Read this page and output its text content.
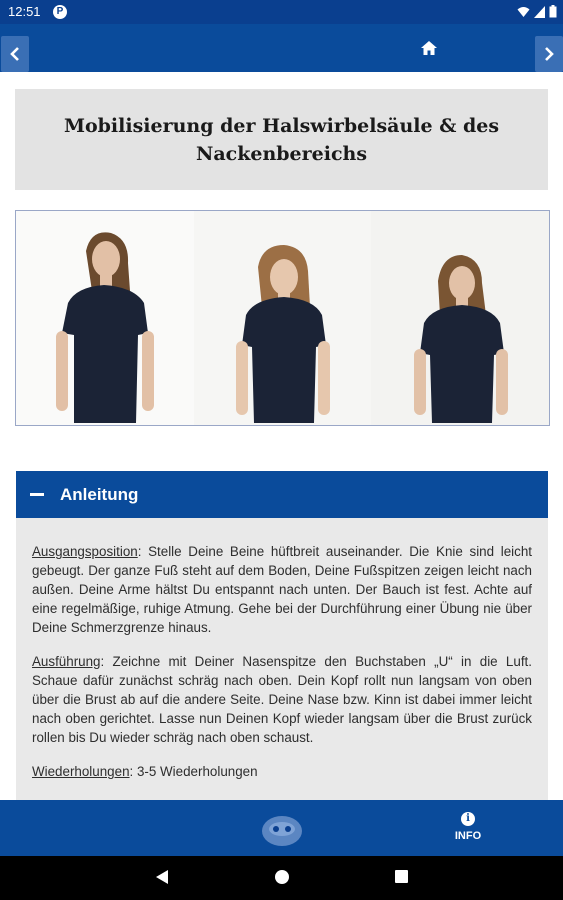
12:51	P
Mobilisierung der Halswirbelsäule & des Nackenbereichs
Anleitung

Ausgangsposition: Stelle Deine Beine hüftbreit auseinander. Die Knie sind leicht gebeugt. Der ganze Fuß steht auf dem Boden, Deine Fußspitzen zeigen leicht nach außen. Deine Arme hältst Du entspannt nach unten. Der Bauch ist fest. Achte auf eine regelmäßige, ruhige Atmung. Gehe bei der Durchführung einer Übung nie über Deine Schmerzgrenze hinaus.

Ausführung: Zeichne mit Deiner Nasenspitze den Buchstaben „U“ in die Luft. Schaue dafür zunächst schräg nach oben. Dein Kopf rollt nun langsam von oben über die Brust ab auf die andere Seite. Deine Nase bzw. Kinn ist dabei immer leicht nach oben gerichtet. Lasse nun Deinen Kopf wieder langsam über die Brust zurück rollen bis Du wieder schräg nach oben schaust.

Wiederholungen: 3-5 Wiederholungen

i
INFO
